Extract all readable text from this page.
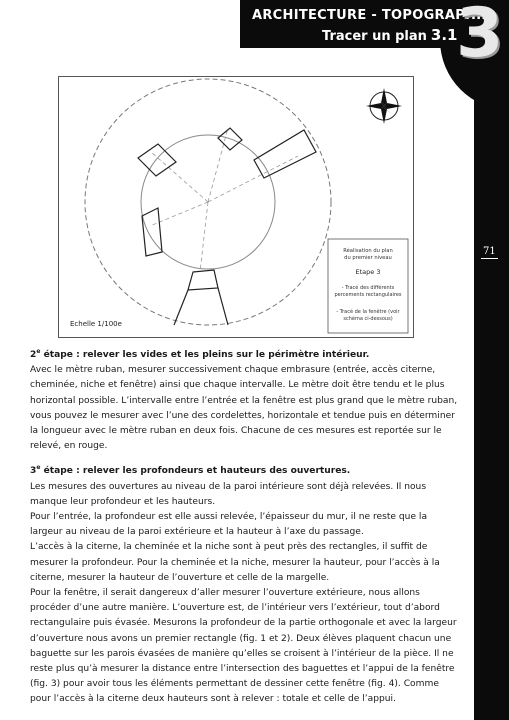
ARCHITECTURE - TOPOGRAPHIE
Tracer un plan 3.1
3
71
Réalisation du plan
du premier niveau
Etape 3
- Tracé des différents
percements rectangulaires
- Tracé de la fenêtre (voir
schéma ci-dessous)
Echelle 1/100e

2e étape : relever les vides et les pleins sur le périmètre intérieur.

Avec le mètre ruban, mesurer successivement chaque embrasure (entrée, accès citerne, cheminée, niche et fenêtre) ainsi que chaque intervalle. Le mètre doit être tendu et le plus horizontal possible. L’intervalle entre l’entrée et la fenêtre est plus grand que le mètre ruban, vous pouvez le mesurer avec l’une des cordelettes, horizontale et tendue puis en déterminer la longueur avec le mètre ruban en deux fois. Chacune de ces mesures est reportée sur le relevé, en rouge.

3e étape : relever les profondeurs et hauteurs des ouvertures.

Les mesures des ouvertures au niveau de la paroi intérieure sont déjà relevées. Il nous manque leur profondeur et les hauteurs.

Pour l’entrée, la profondeur est elle aussi relevée, l’épaisseur du mur, il ne reste que la largeur au niveau de la paroi extérieure et la hauteur à l’axe du passage.

L’accès à la citerne, la cheminée et la niche sont à peut près des rectangles, il suffit de mesurer la profondeur. Pour la cheminée et la niche, mesurer la hauteur, pour l’accès à la citerne, mesurer la hauteur de l’ouverture et celle de la margelle.

Pour la fenêtre, il serait dangereux d’aller mesurer l’ouverture extérieure, nous allons procéder d’une autre manière. L’ouverture est, de l’intérieur vers l’extérieur, tout d’abord rectangulaire puis évasée. Mesurons la profondeur de la partie orthogonale et avec la largeur d’ouverture nous avons un premier rectangle (fig. 1 et 2). Deux élèves plaquent chacun une baguette sur les parois évasées de manière qu’elles se croisent à l’intérieur de la pièce. Il ne reste plus qu’à mesurer la distance entre l’intersection des baguettes et l’appui de la fenêtre (fig. 3) pour avoir tous les éléments permettant de dessiner cette fenêtre (fig. 4). Comme pour l’accès à la citerne deux hauteurs sont à relever : totale et celle de l’appui.
